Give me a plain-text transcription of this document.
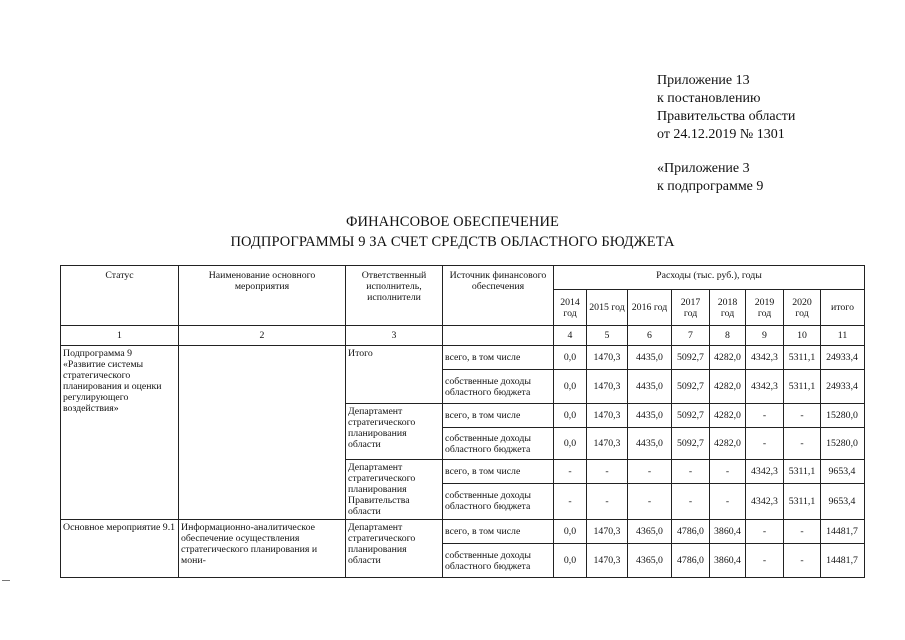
Приложение 13
к постановлению
Правительства области
от 24.12.2019 № 1301
«Приложение 3
к подпрограмме 9
ФИНАНСОВОЕ ОБЕСПЕЧЕНИЕ
ПОДПРОГРАММЫ 9 ЗА СЧЕТ СРЕДСТВ ОБЛАСТНОГО БЮДЖЕТА
Статус	Наименование основного мероприятия	Ответственный исполнитель, исполнители	Источник финансового обеспечения	Расходы (тыс. руб.), годы							
				2014 год	2015 год	2016 год	2017 год	2018 год	2019 год	2020 год	итого
1	2	3		4	5	6	7	8	9	10	11
Подпрограмма 9 «Развитие системы стратегического планирования и оценки регулирующего воздействия»		Итого	всего, в том числе	0,0	1470,3	4435,0	5092,7	4282,0	4342,3	5311,1	24933,4
			собственные доходы областного бюджета	0,0	1470,3	4435,0	5092,7	4282,0	4342,3	5311,1	24933,4
		Департамент стратегического планирования области	всего, в том числе	0,0	1470,3	4435,0	5092,7	4282,0	-	-	15280,0
			собственные доходы областного бюджета	0,0	1470,3	4435,0	5092,7	4282,0	-	-	15280,0
		Департамент стратегического планирования Правительства области	всего, в том числе	-	-	-	-	-	4342,3	5311,1	9653,4
			собственные доходы областного бюджета	-	-	-	-	-	4342,3	5311,1	9653,4
Основное мероприятие 9.1	Информационно-аналитическое обеспечение осуществления стратегического планирования и мони-	Департамент стратегического планирования области	всего, в том числе	0,0	1470,3	4365,0	4786,0	3860,4	-	-	14481,7
			собственные доходы областного бюджета	0,0	1470,3	4365,0	4786,0	3860,4	-	-	14481,7
